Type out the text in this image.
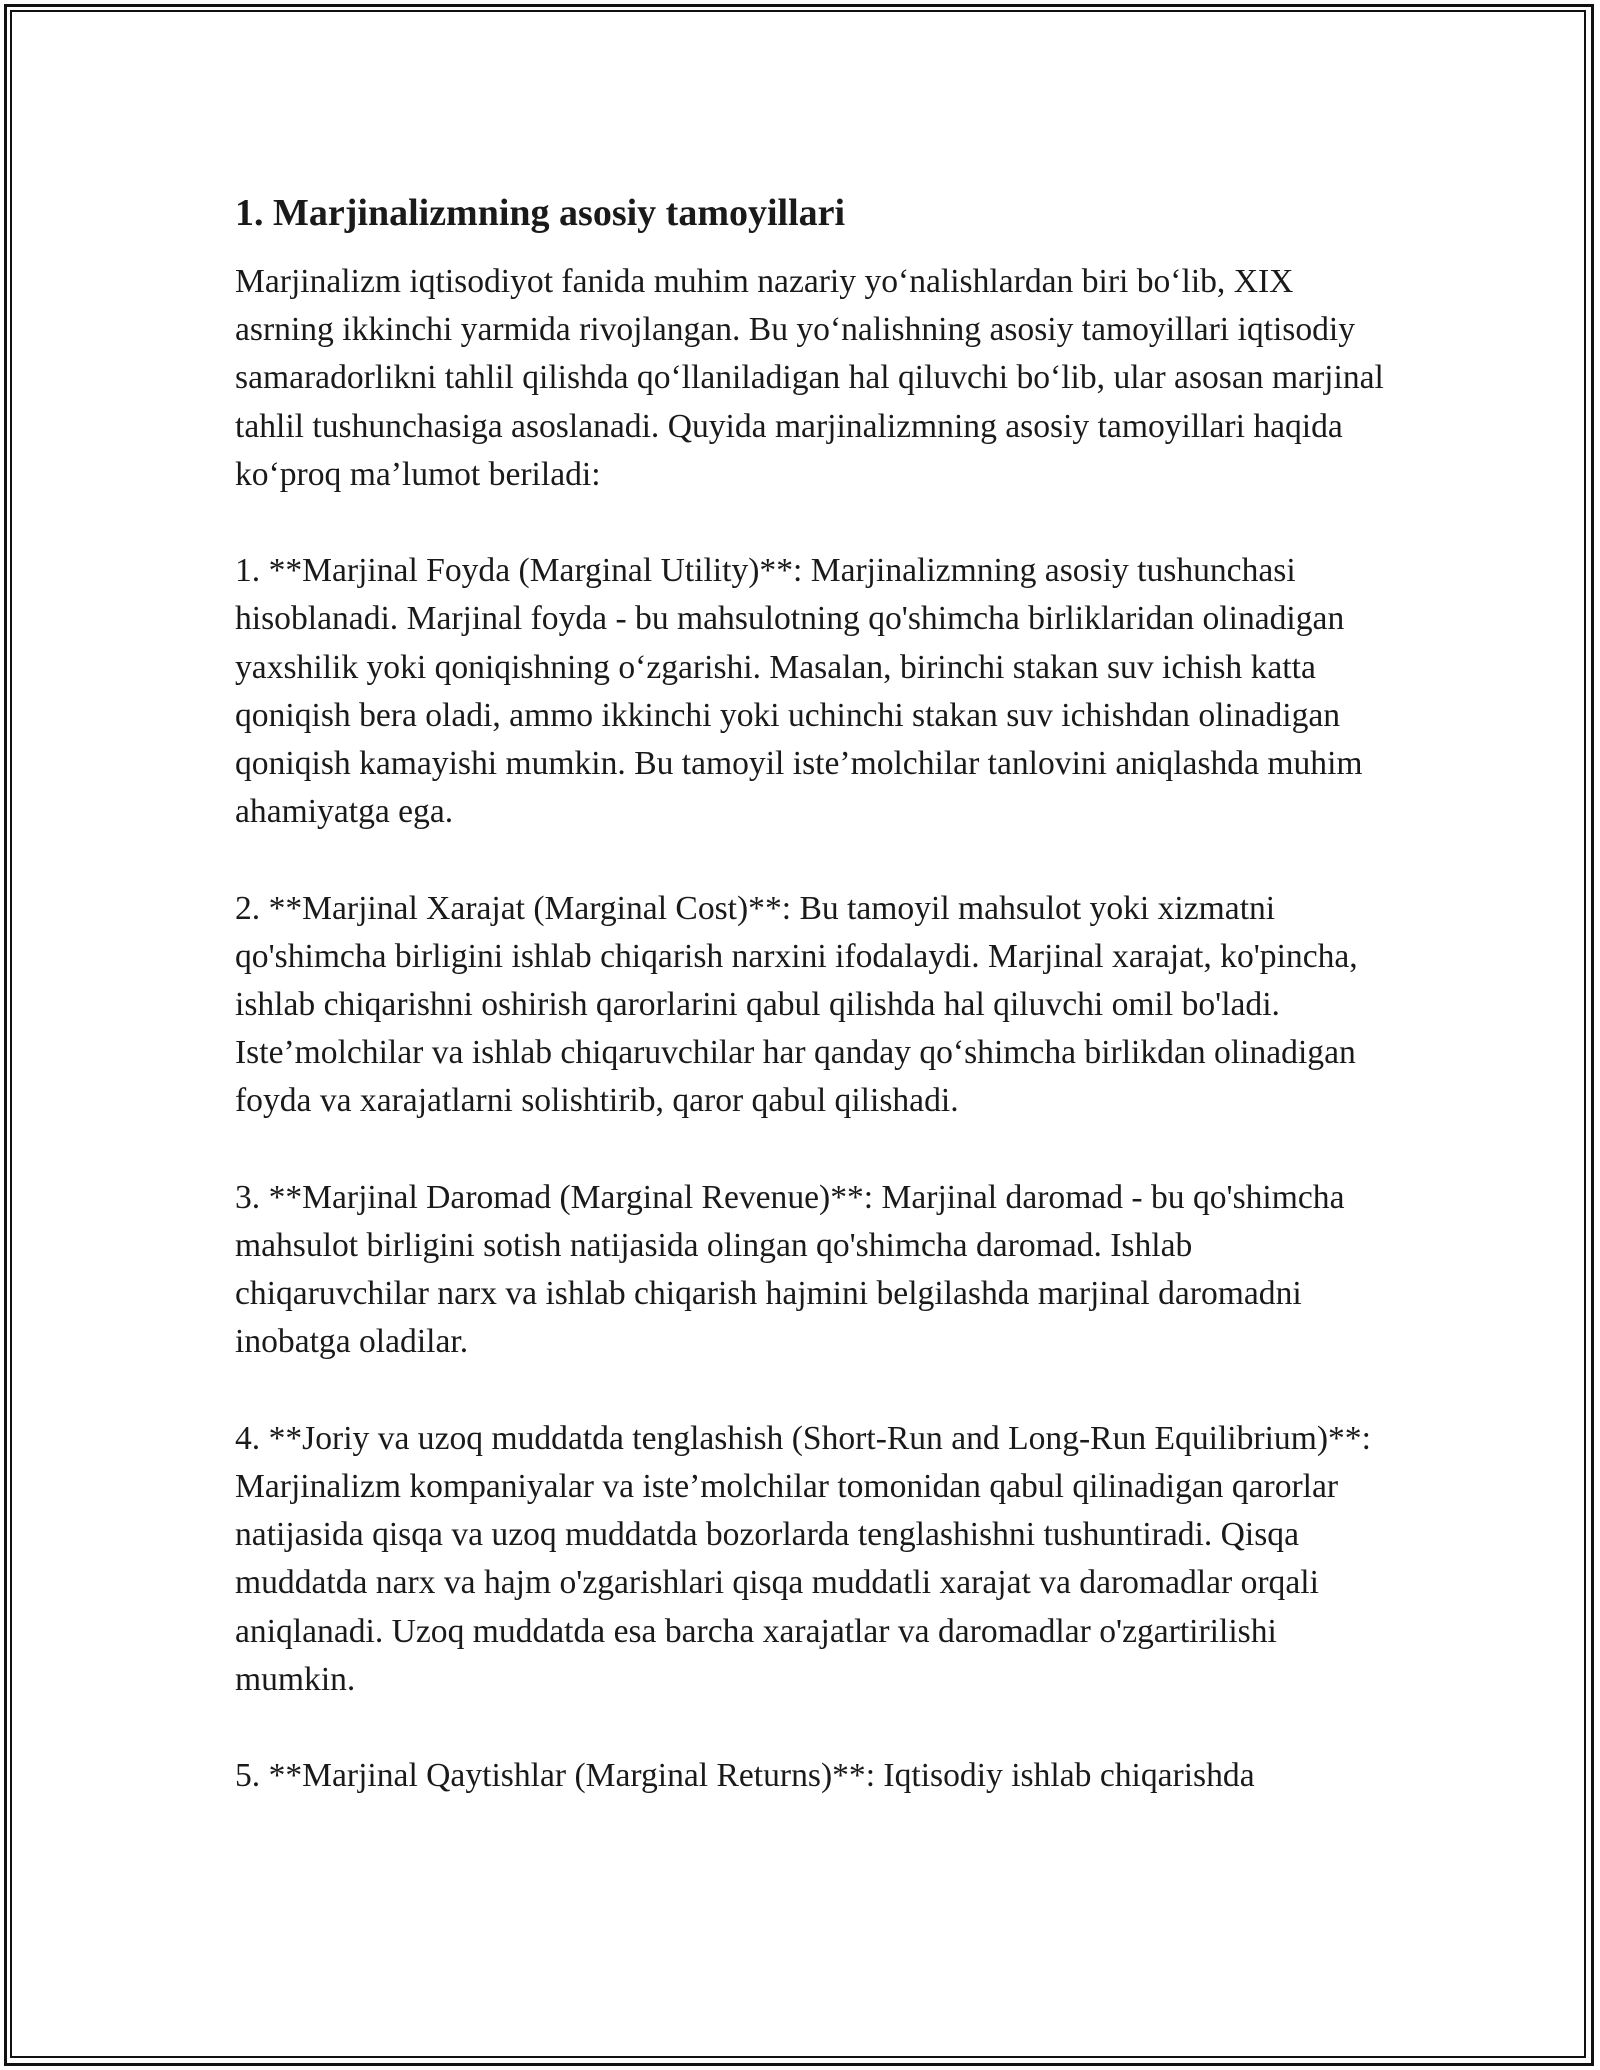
1. Marjinalizmning asosiy tamoyillari

Marjinalizm iqtisodiyot fanida muhim nazariy yo‘nalishlardan biri bo‘lib, XIX asrning ikkinchi yarmida rivojlangan. Bu yo‘nalishning asosiy tamoyillari iqtisodiy samaradorlikni tahlil qilishda qo‘llaniladigan hal qiluvchi bo‘lib, ular asosan marjinal tahlil tushunchasiga asoslanadi. Quyida marjinalizmning asosiy tamoyillari haqida ko‘proq ma’lumot beriladi:

1. **Marjinal Foyda (Marginal Utility)**: Marjinalizmning asosiy tushunchasi hisoblanadi. Marjinal foyda - bu mahsulotning qo'shimcha birliklaridan olinadigan yaxshilik yoki qoniqishning o‘zgarishi. Masalan, birinchi stakan suv ichish katta qoniqish bera oladi, ammo ikkinchi yoki uchinchi stakan suv ichishdan olinadigan qoniqish kamayishi mumkin. Bu tamoyil iste’molchilar tanlovini aniqlashda muhim ahamiyatga ega.

2. **Marjinal Xarajat (Marginal Cost)**: Bu tamoyil mahsulot yoki xizmatni qo'shimcha birligini ishlab chiqarish narxini ifodalaydi. Marjinal xarajat, ko'pincha, ishlab chiqarishni oshirish qarorlarini qabul qilishda hal qiluvchi omil bo'ladi. Iste’molchilar va ishlab chiqaruvchilar har qanday qo‘shimcha birlikdan olinadigan foyda va xarajatlarni solishtirib, qaror qabul qilishadi.

3. **Marjinal Daromad (Marginal Revenue)**: Marjinal daromad - bu qo'shimcha mahsulot birligini sotish natijasida olingan qo'shimcha daromad. Ishlab chiqaruvchilar narx va ishlab chiqarish hajmini belgilashda marjinal daromadni inobatga oladilar.

4. **Joriy va uzoq muddatda tenglashish (Short-Run and Long-Run Equilibrium)**: Marjinalizm kompaniyalar va iste’molchilar tomonidan qabul qilinadigan qarorlar natijasida qisqa va uzoq muddatda bozorlarda tenglashishni tushuntiradi. Qisqa muddatda narx va hajm o'zgarishlari qisqa muddatli xarajat va daromadlar orqali aniqlanadi. Uzoq muddatda esa barcha xarajatlar va daromadlar o'zgartirilishi mumkin.

5. **Marjinal Qaytishlar (Marginal Returns)**: Iqtisodiy ishlab chiqarishda
